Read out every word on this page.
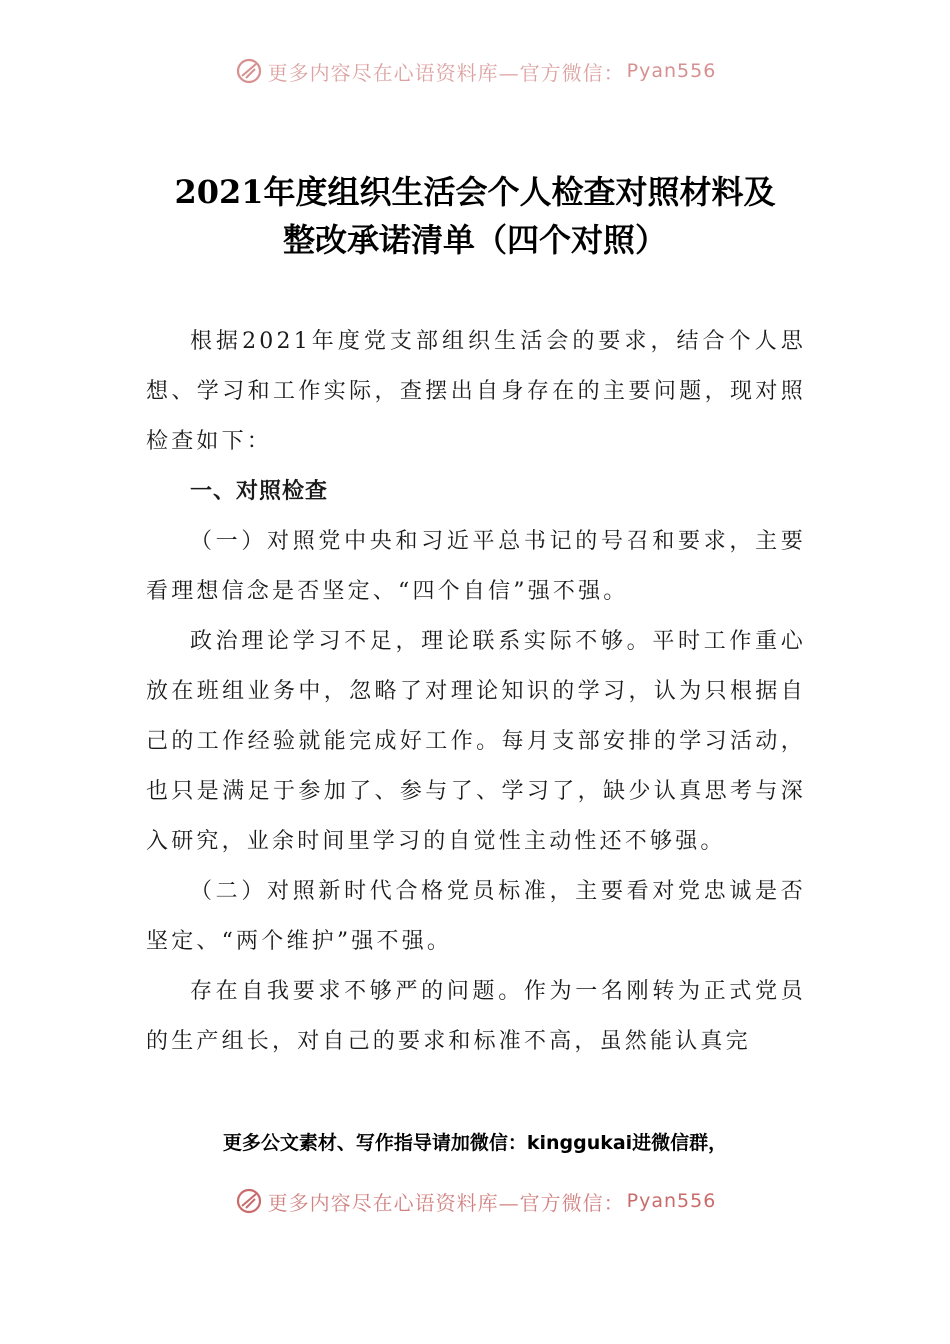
更多内容尽在心语资料库—官方微信： Pyan556
2021年度组织生活会个人检查对照材料及
整改承诺清单（四个对照）

根据2021年度党支部组织生活会的要求，结合个人思想、学习和工作实际，查摆出自身存在的主要问题，现对照检查如下：

一、对照检查

（一）对照党中央和习近平总书记的号召和要求，主要看理想信念是否坚定、“四个自信”强不强。

政治理论学习不足，理论联系实际不够。平时工作重心放在班组业务中，忽略了对理论知识的学习，认为只根据自己的工作经验就能完成好工作。每月支部安排的学习活动，也只是满足于参加了、参与了、学习了，缺少认真思考与深入研究，业余时间里学习的自觉性主动性还不够强。

（二）对照新时代合格党员标准，主要看对党忠诚是否坚定、“两个维护”强不强。

存在自我要求不够严的问题。作为一名刚转为正式党员的生产组长，对自己的要求和标准不高，虽然能认真完

更多公文素材、写作指导请加微信：kinggukai进微信群，
更多内容尽在心语资料库—官方微信： Pyan556
